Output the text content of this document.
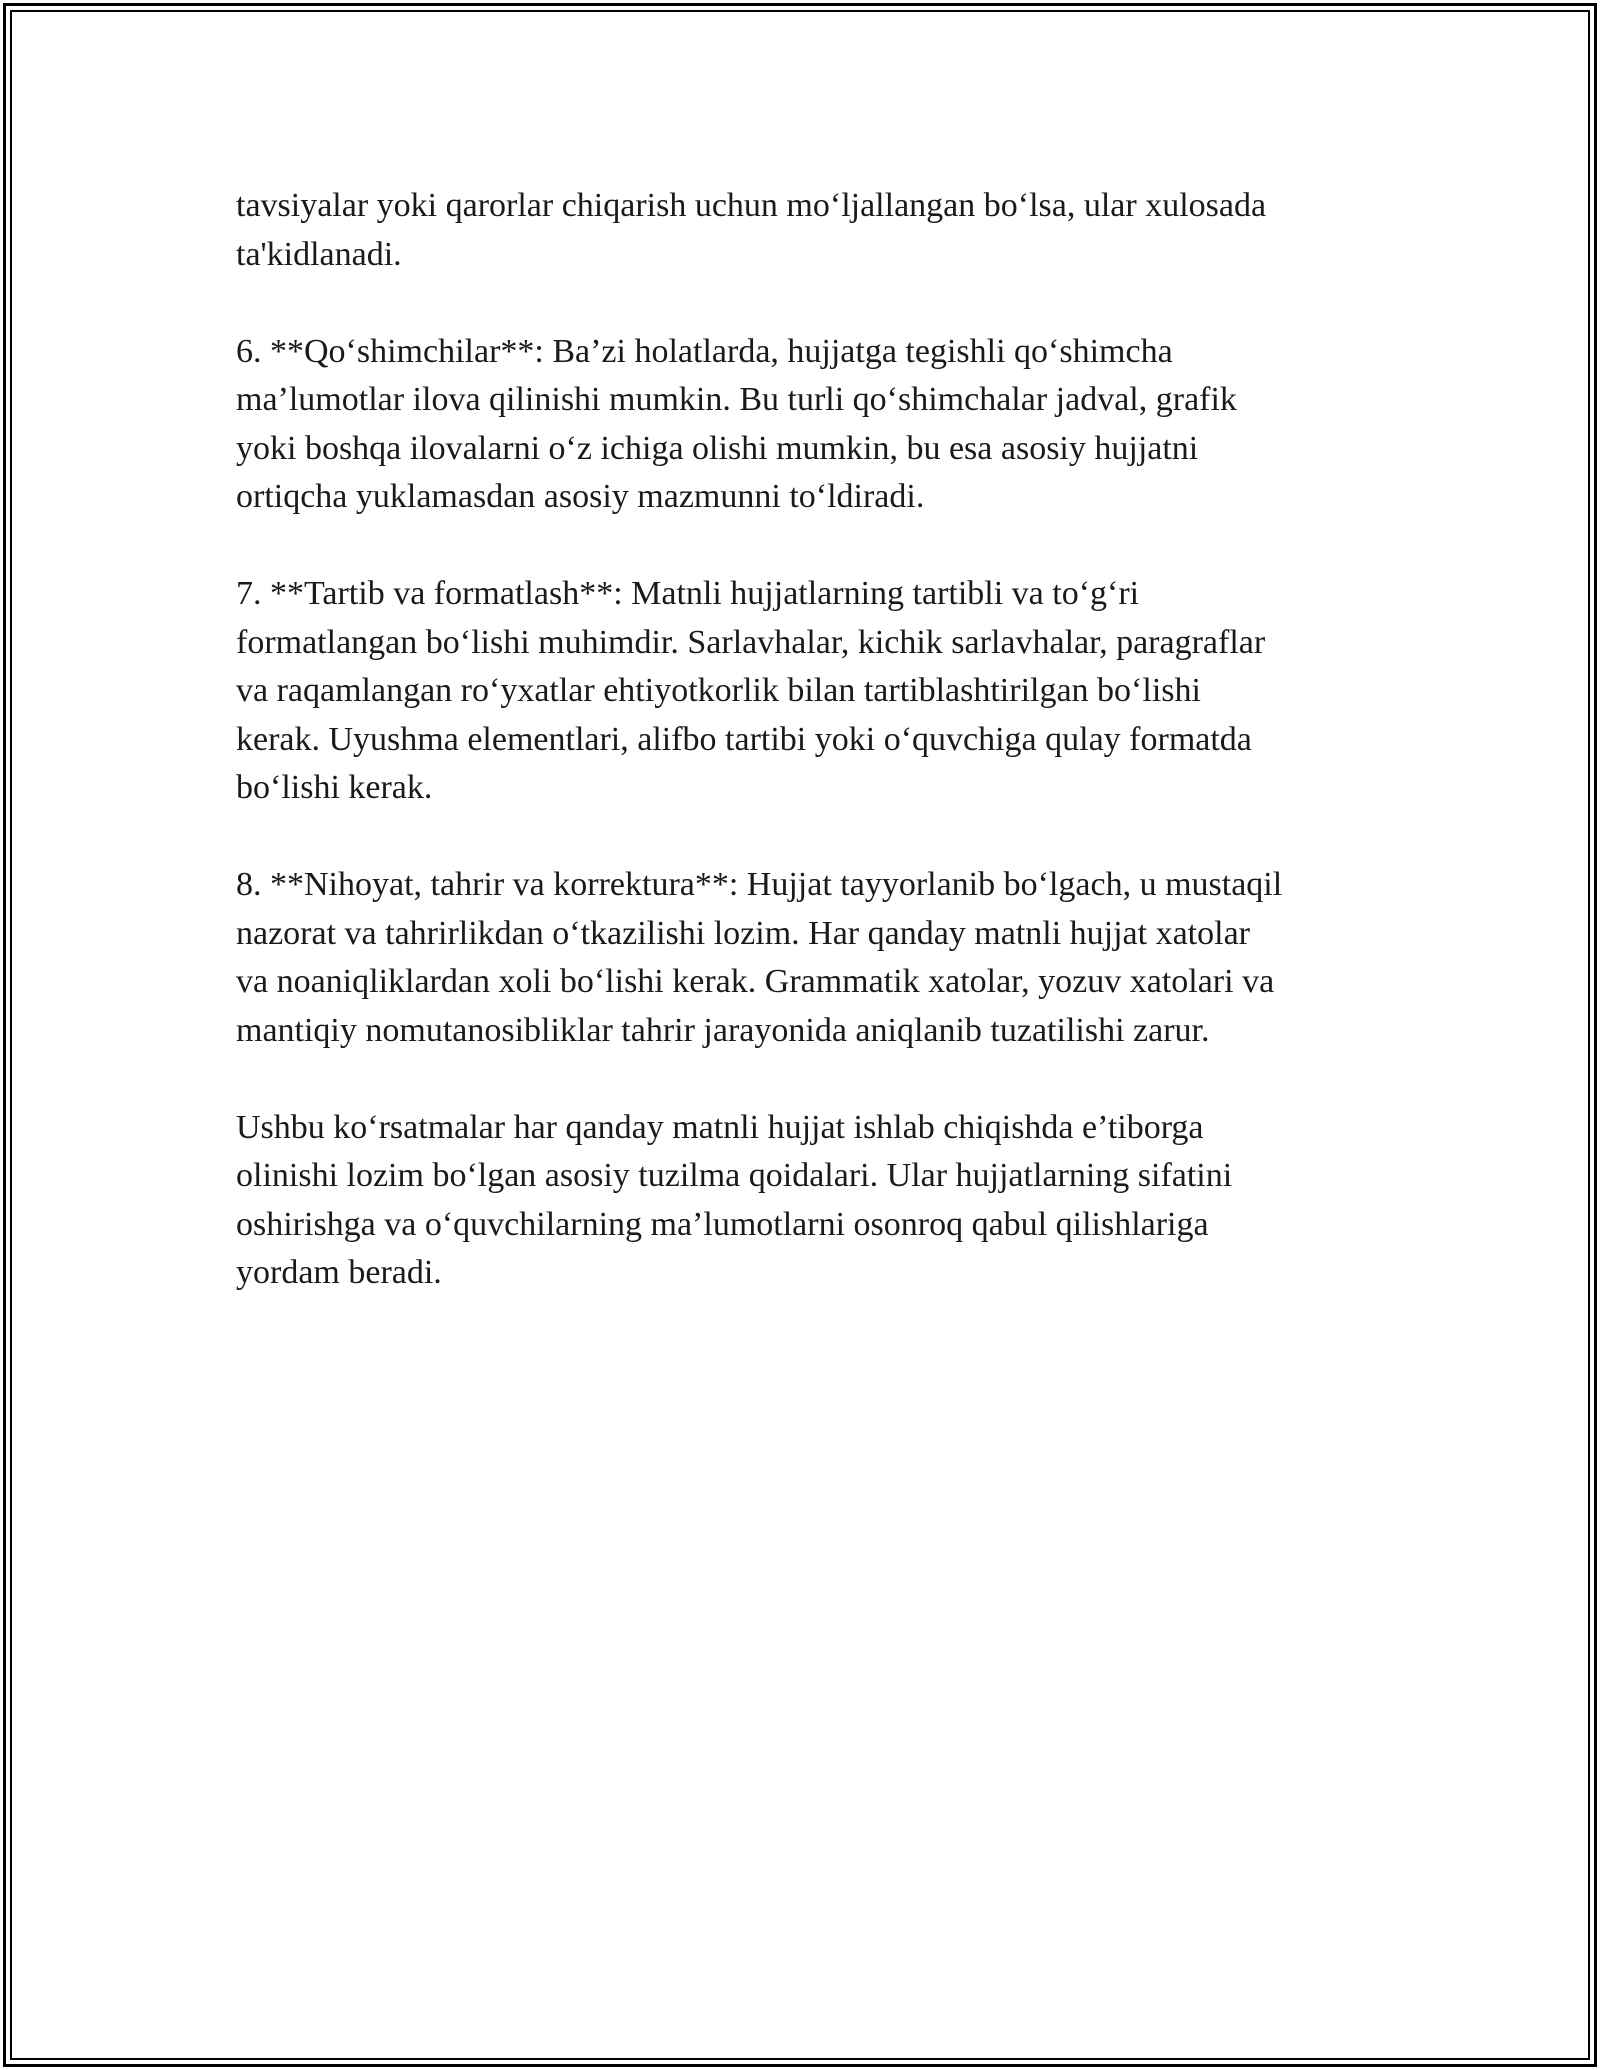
tavsiyalar yoki qarorlar chiqarish uchun mo‘ljallangan bo‘lsa, ular xulosada
ta'kidlanadi.

6. **Qo‘shimchilar**: Ba’zi holatlarda, hujjatga tegishli qo‘shimcha
ma’lumotlar ilova qilinishi mumkin. Bu turli qo‘shimchalar jadval, grafik
yoki boshqa ilovalarni o‘z ichiga olishi mumkin, bu esa asosiy hujjatni
ortiqcha yuklamasdan asosiy mazmunni to‘ldiradi.

7. **Tartib va formatlash**: Matnli hujjatlarning tartibli va to‘g‘ri
formatlangan bo‘lishi muhimdir. Sarlavhalar, kichik sarlavhalar, paragraflar
va raqamlangan ro‘yxatlar ehtiyotkorlik bilan tartiblashtirilgan bo‘lishi
kerak. Uyushma elementlari, alifbo tartibi yoki o‘quvchiga qulay formatda
bo‘lishi kerak.

8. **Nihoyat, tahrir va korrektura**: Hujjat tayyorlanib bo‘lgach, u mustaqil
nazorat va tahrirlikdan o‘tkazilishi lozim. Har qanday matnli hujjat xatolar
va noaniqliklardan xoli bo‘lishi kerak. Grammatik xatolar, yozuv xatolari va
mantiqiy nomutanosibliklar tahrir jarayonida aniqlanib tuzatilishi zarur.

Ushbu ko‘rsatmalar har qanday matnli hujjat ishlab chiqishda e’tiborga
olinishi lozim bo‘lgan asosiy tuzilma qoidalari. Ular hujjatlarning sifatini
oshirishga va o‘quvchilarning ma’lumotlarni osonroq qabul qilishlariga
yordam beradi.
